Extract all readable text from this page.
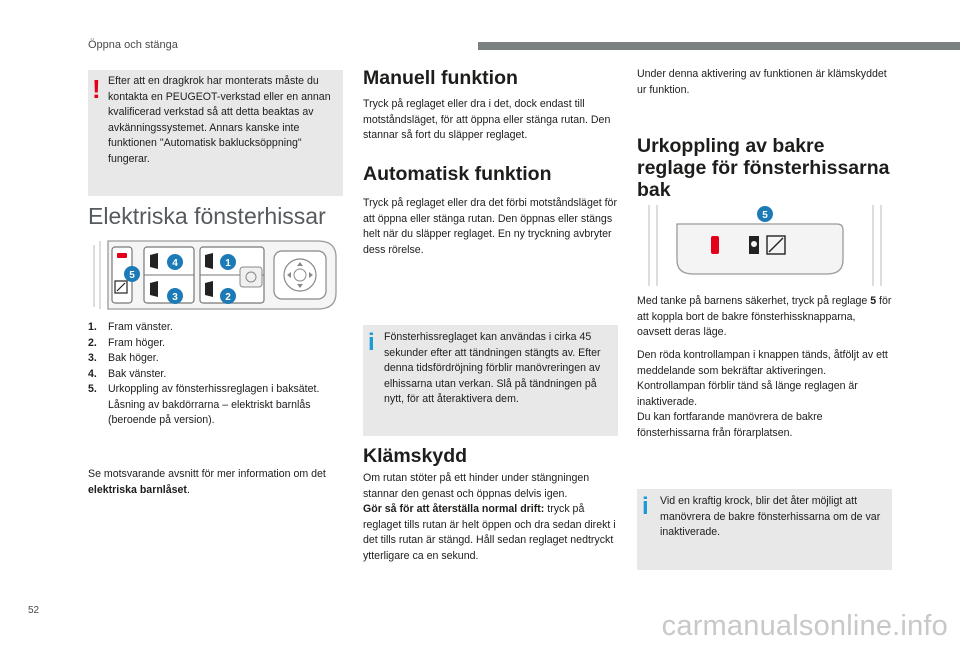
Öppna och stänga
! Efter att en dragkrok har monterats måste du kontakta en PEUGEOT-verkstad eller en annan kvalificerad verkstad så att detta beaktas av avkänningssystemet. Annars kanske inte funktionen "Automatisk baklucksöppning" fungerar.
Elektriska fönsterhissar
5
4
3
1
2
1. Fram vänster.
2. Fram höger.
3. Bak höger.
4. Bak vänster.
5. Urkoppling av fönsterhissreglagen i baksätet.
Låsning av bakdörrarna – elektriskt barnlås (beroende på version).
Se motsvarande avsnitt för mer information om det elektriska barnlåset.
Manuell funktion
Tryck på reglaget eller dra i det, dock endast till motståndsläget, för att öppna eller stänga rutan. Den stannar så fort du släpper reglaget.
Automatisk funktion
Tryck på reglaget eller dra det förbi motståndsläget för att öppna eller stänga rutan. Den öppnas eller stängs helt när du släpper reglaget. En ny tryckning avbryter dess rörelse.
i Fönsterhissreglaget kan användas i cirka 45 sekunder efter att tändningen stängts av. Efter denna tidsfördröjning förblir manövreringen av elhissarna utan verkan. Slå på tändningen på nytt, för att återaktivera dem.
Klämskydd
Om rutan stöter på ett hinder under stängningen stannar den genast och öppnas delvis igen.
Gör så för att återställa normal drift: tryck på reglaget tills rutan är helt öppen och dra sedan direkt i det tills rutan är stängd. Håll sedan reglaget nedtryckt ytterligare ca en sekund.
Under denna aktivering av funktionen är klämskyddet ur funktion.
Urkoppling av bakre
reglage för fönsterhissarna
bak
5
Med tanke på barnens säkerhet, tryck på reglage 5 för att koppla bort de bakre fönsterhissknapparna, oavsett deras läge.
Den röda kontrollampan i knappen tänds, åtföljt av ett meddelande som bekräftar aktiveringen. Kontrollampan förblir tänd så länge reglagen är inaktiverade.
Du kan fortfarande manövrera de bakre fönsterhissarna från förarplatsen.
i Vid en kraftig krock, blir det åter möjligt att manövrera de bakre fönsterhissarna om de var inaktiverade.
52	carmanualsonline.info
